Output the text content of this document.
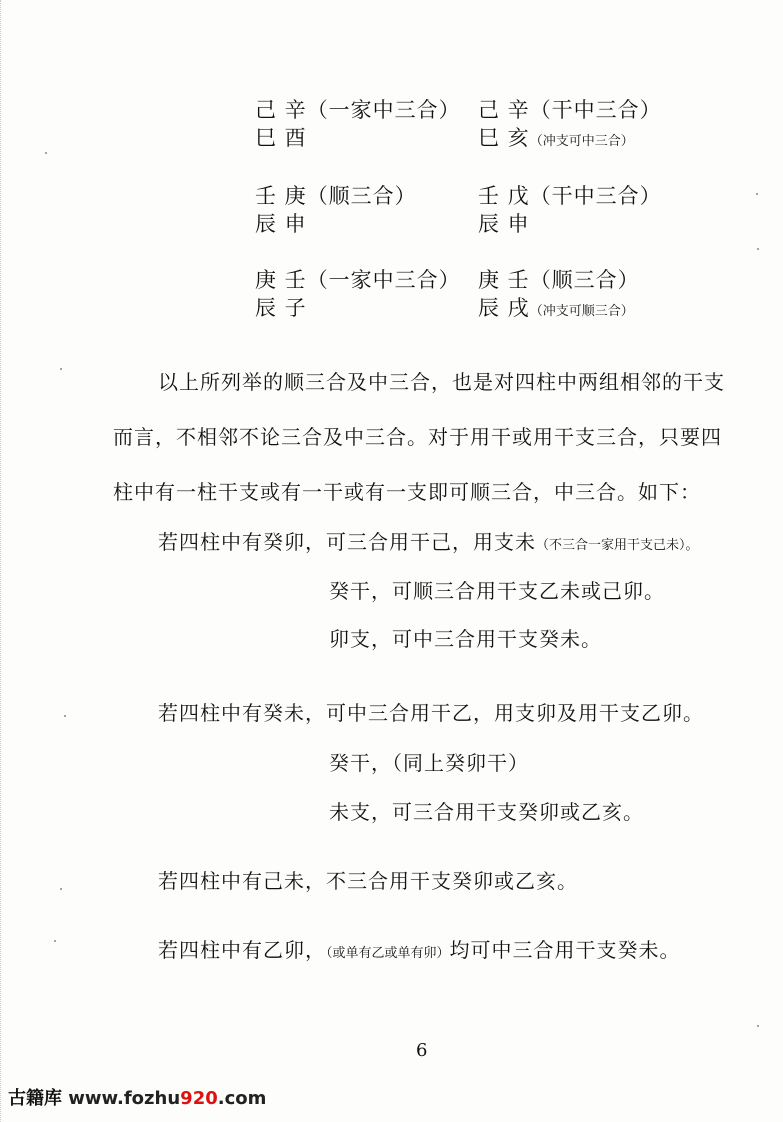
己 辛（一家中三合）
巳 酉
己 辛（干中三合）
巳 亥（冲支可中三合）
壬 庚（顺三合）
辰 申
壬 戊（干中三合）
辰 申
庚 壬（一家中三合）
辰 子
庚 壬（顺三合）
辰 戌（冲支可顺三合）
以上所列举的顺三合及中三合，也是对四柱中两组相邻的干支
而言，不相邻不论三合及中三合。对于用干或用干支三合，只要四
柱中有一柱干支或有一干或有一支即可顺三合，中三合。如下：
若四柱中有癸卯，可三合用干己，用支未（不三合一家用干支己未）。
癸干，可顺三合用干支乙未或己卯。
卯支，可中三合用干支癸未。
若四柱中有癸未，可中三合用干乙，用支卯及用干支乙卯。
癸干，（同上癸卯干）
未支，可三合用干支癸卯或乙亥。
若四柱中有己未，不三合用干支癸卯或乙亥。
若四柱中有乙卯，（或单有乙或单有卯）均可中三合用干支癸未。
6
古籍库 www.fozhu920.com
